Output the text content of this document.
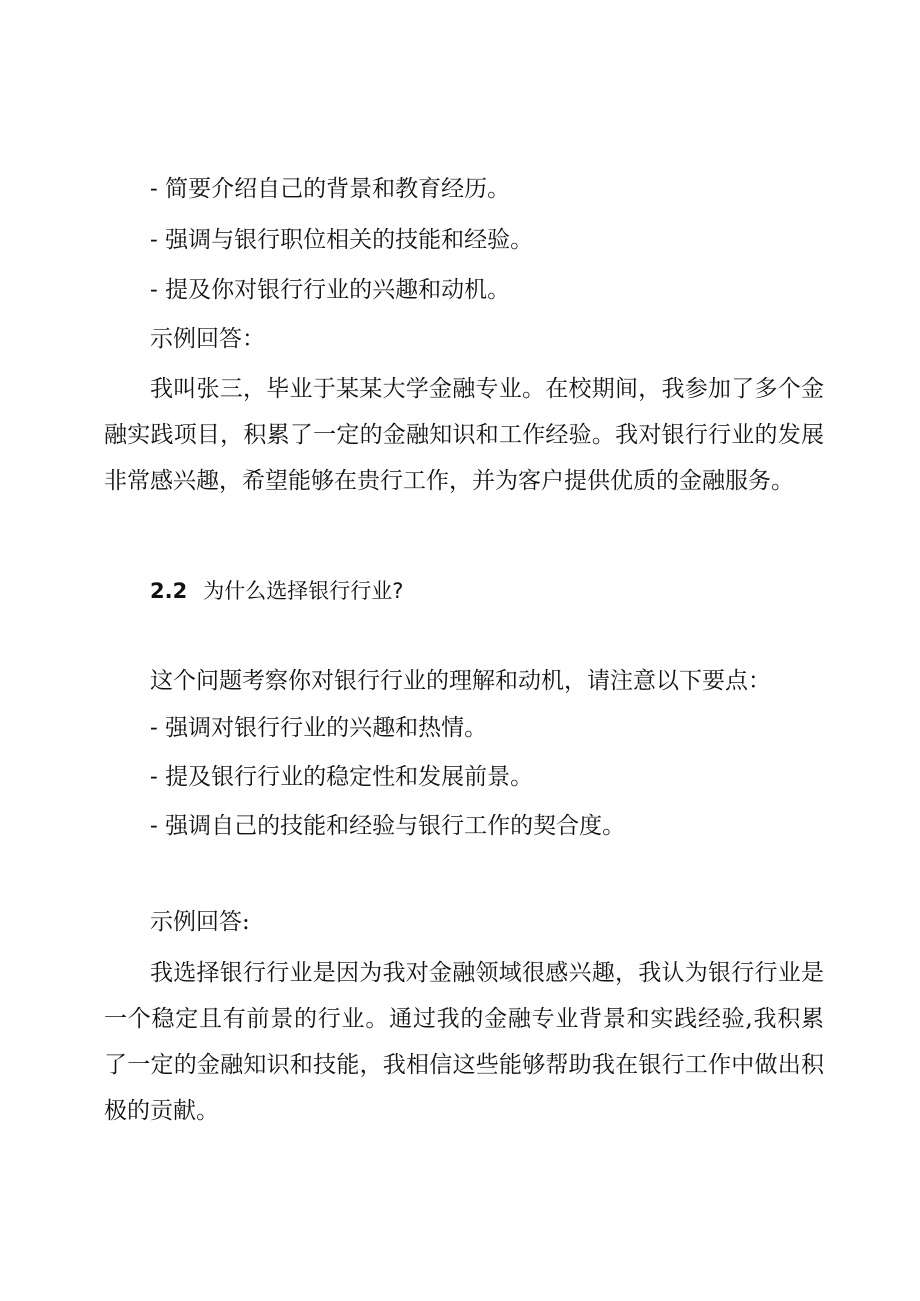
- 简要介绍自己的背景和教育经历。

- 强调与银行职位相关的技能和经验。

- 提及你对银行行业的兴趣和动机。

示例回答：

我叫张三，毕业于某某大学金融专业。在校期间，我参加了多个金融实践项目，积累了一定的金融知识和工作经验。我对银行行业的发展非常感兴趣，希望能够在贵行工作，并为客户提供优质的金融服务。

2.2 为什么选择银行行业?

这个问题考察你对银行行业的理解和动机，请注意以下要点：

- 强调对银行行业的兴趣和热情。

- 提及银行行业的稳定性和发展前景。

- 强调自己的技能和经验与银行工作的契合度。

示例回答:

我选择银行行业是因为我对金融领域很感兴趣，我认为银行行业是一个稳定且有前景的行业。通过我的金融专业背景和实践经验,我积累了一定的金融知识和技能，我相信这些能够帮助我在银行工作中做出积极的贡献。
